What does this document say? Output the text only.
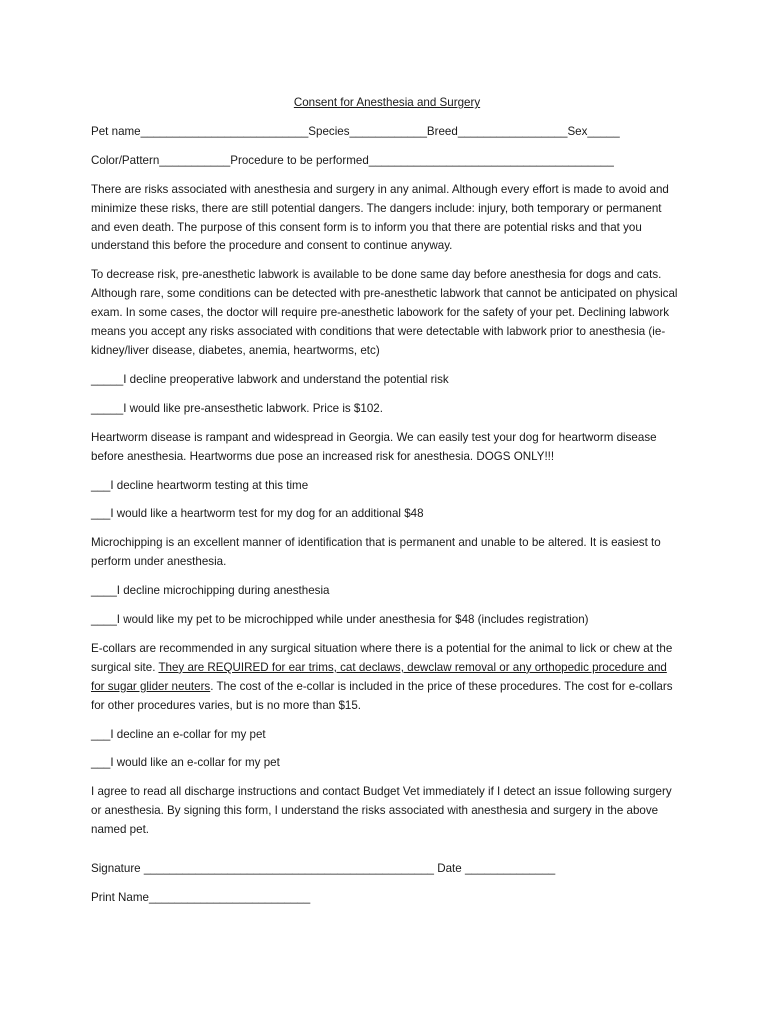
Consent for Anesthesia and Surgery
Pet name__________________________Species____________Breed_________________Sex_____
Color/Pattern___________Procedure to be performed______________________________________
There are risks associated with anesthesia and surgery in any animal. Although every effort is made to avoid and minimize these risks, there are still potential dangers. The dangers include: injury, both temporary or permanent and even death. The purpose of this consent form is to inform you that there are potential risks and that you understand this before the procedure and consent to continue anyway.
To decrease risk, pre-anesthetic labwork is available to be done same day before anesthesia for dogs and cats. Although rare, some conditions can be detected with pre-anesthetic labwork that cannot be anticipated on physical exam. In some cases, the doctor will require pre-anesthetic labowork for the safety of your pet. Declining labwork means you accept any risks associated with conditions that were detectable with labwork prior to anesthesia (ie-kidney/liver disease, diabetes, anemia, heartworms, etc)
_____I decline preoperative labwork and understand the potential risk
_____I would like pre-ansesthetic labwork. Price is $102.
Heartworm disease is rampant and widespread in Georgia. We can easily test your dog for heartworm disease before anesthesia. Heartworms due pose an increased risk for anesthesia. DOGS ONLY!!!
___I decline heartworm testing at this time
___I would like a heartworm test for my dog for an additional $48
Microchipping is an excellent manner of identification that is permanent and unable to be altered. It is easiest to perform under anesthesia.
____I decline microchipping during anesthesia
____I would like my pet to be microchipped while under anesthesia for $48 (includes registration)
E-collars are recommended in any surgical situation where there is a potential for the animal to lick or chew at the surgical site. They are REQUIRED for ear trims, cat declaws, dewclaw removal or any orthopedic procedure and for sugar glider neuters. The cost of the e-collar is included in the price of these procedures. The cost for e-collars for other procedures varies, but is no more than $15.
___I decline an e-collar for my pet
___I would like an e-collar for my pet
I agree to read all discharge instructions and contact Budget Vet immediately if I detect an issue following surgery or anesthesia. By signing this form, I understand the risks associated with anesthesia and surgery in the above named pet.
Signature _____________________________________________ Date ______________
Print Name_________________________
